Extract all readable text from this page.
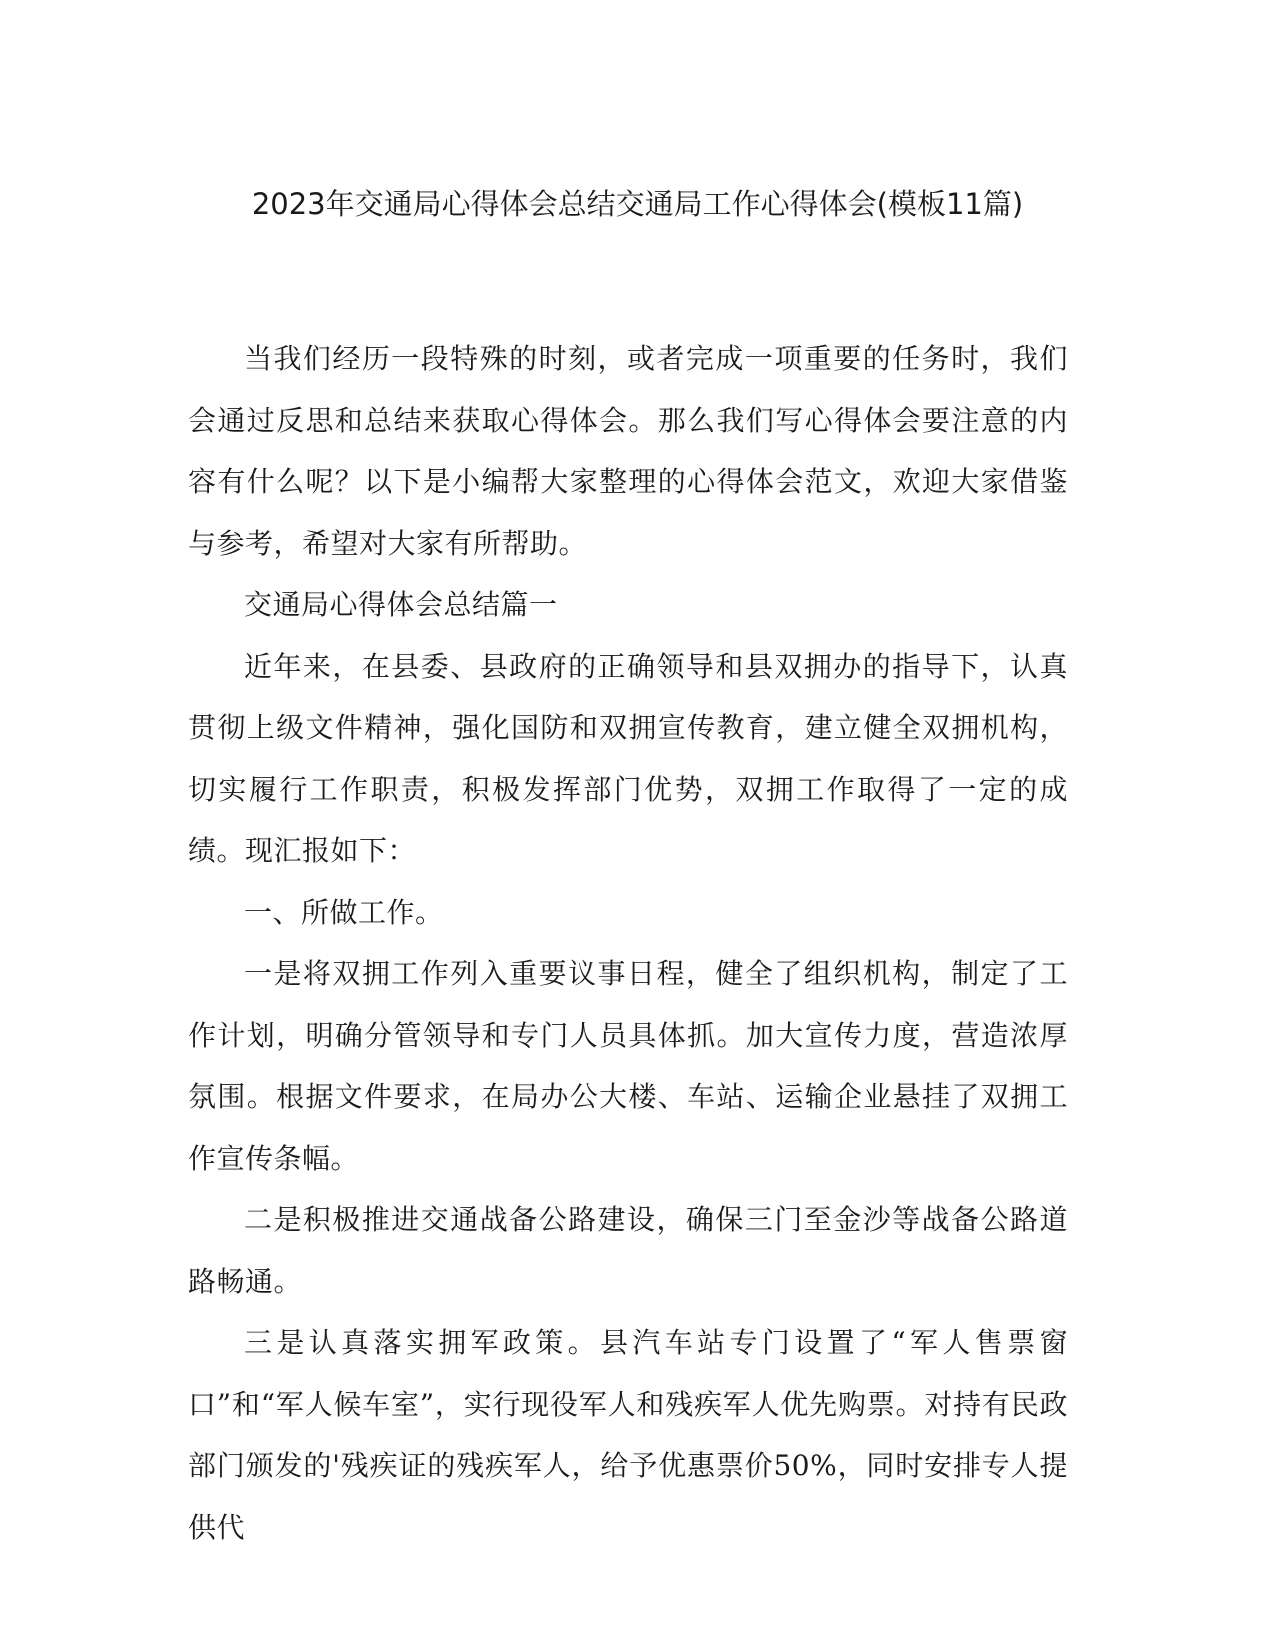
2023年交通局心得体会总结交通局工作心得体会(模板11篇)

当我们经历一段特殊的时刻，或者完成一项重要的任务时，我们会通过反思和总结来获取心得体会。那么我们写心得体会要注意的内容有什么呢？以下是小编帮大家整理的心得体会范文，欢迎大家借鉴与参考，希望对大家有所帮助。

交通局心得体会总结篇一

近年来，在县委、县政府的正确领导和县双拥办的指导下，认真贯彻上级文件精神，强化国防和双拥宣传教育，建立健全双拥机构，切实履行工作职责，积极发挥部门优势，双拥工作取得了一定的成绩。现汇报如下：

一、所做工作。

一是将双拥工作列入重要议事日程，健全了组织机构，制定了工作计划，明确分管领导和专门人员具体抓。加大宣传力度，营造浓厚氛围。根据文件要求，在局办公大楼、车站、运输企业悬挂了双拥工作宣传条幅。

二是积极推进交通战备公路建设，确保三门至金沙等战备公路道路畅通。

三是认真落实拥军政策。县汽车站专门设置了“军人售票窗口”和“军人候车室”，实行现役军人和残疾军人优先购票。对持有民政部门颁发的'残疾证的残疾军人，给予优惠票价50%，同时安排专人提供代
